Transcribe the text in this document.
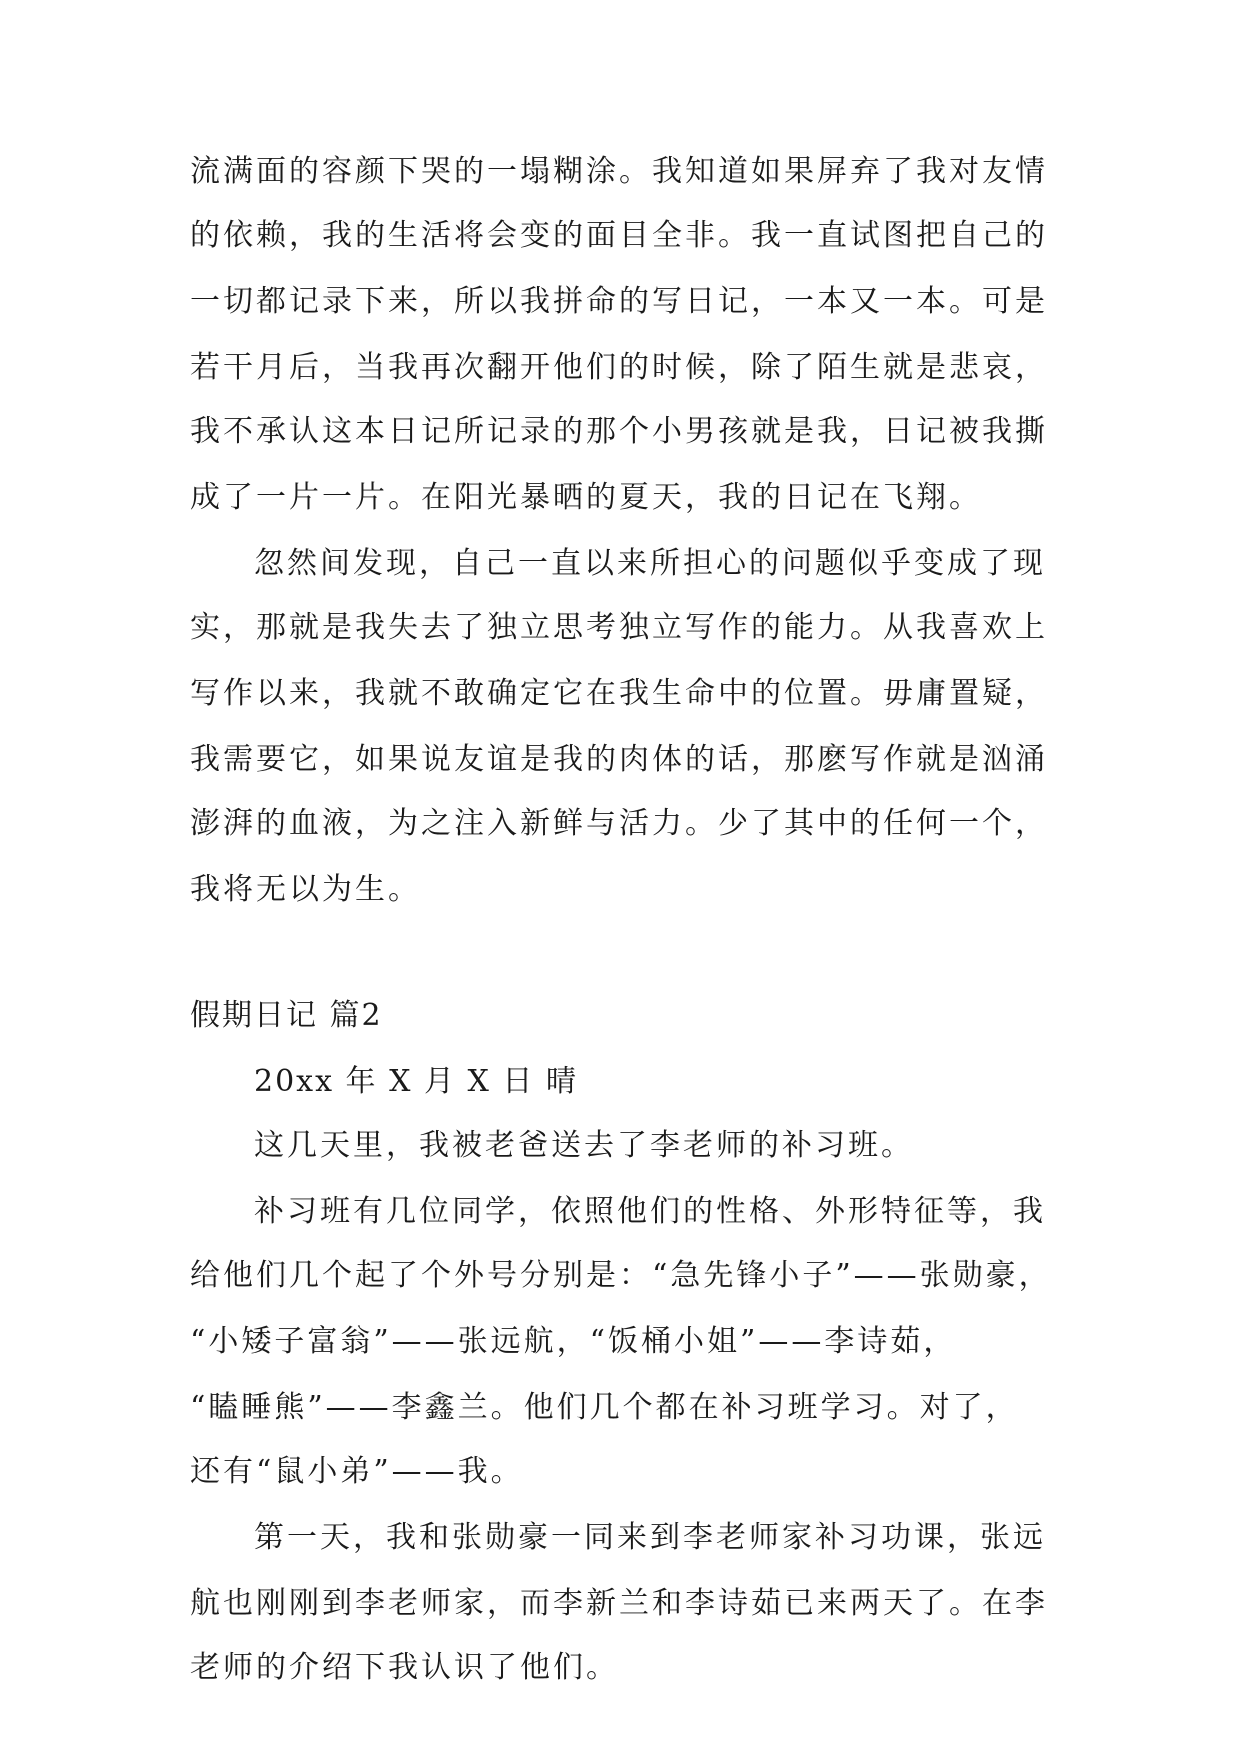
流满面的容颜下哭的一塌糊涂。我知道如果屏弃了我对友情
的依赖，我的生活将会变的面目全非。我一直试图把自己的
一切都记录下来，所以我拼命的写日记，一本又一本。可是
若干月后，当我再次翻开他们的时候，除了陌生就是悲哀，
我不承认这本日记所记录的那个小男孩就是我，日记被我撕
成了一片一片。在阳光暴晒的夏天，我的日记在飞翔。
忽然间发现，自己一直以来所担心的问题似乎变成了现
实，那就是我失去了独立思考独立写作的能力。从我喜欢上
写作以来，我就不敢确定它在我生命中的位置。毋庸置疑，
我需要它，如果说友谊是我的肉体的话，那麽写作就是汹涌
澎湃的血液，为之注入新鲜与活力。少了其中的任何一个，
我将无以为生。
假期日记 篇2
20xx 年 X 月 X 日 晴
这几天里，我被老爸送去了李老师的补习班。
补习班有几位同学，依照他们的性格、外形特征等，我
给他们几个起了个外号分别是：“急先锋小子”——张勋豪，
“小矮子富翁”——张远航，“饭桶小姐”——李诗茹，
“瞌睡熊”——李鑫兰。他们几个都在补习班学习。对了，
还有“鼠小弟”——我。
第一天，我和张勋豪一同来到李老师家补习功课，张远
航也刚刚到李老师家，而李新兰和李诗茹已来两天了。在李
老师的介绍下我认识了他们。
